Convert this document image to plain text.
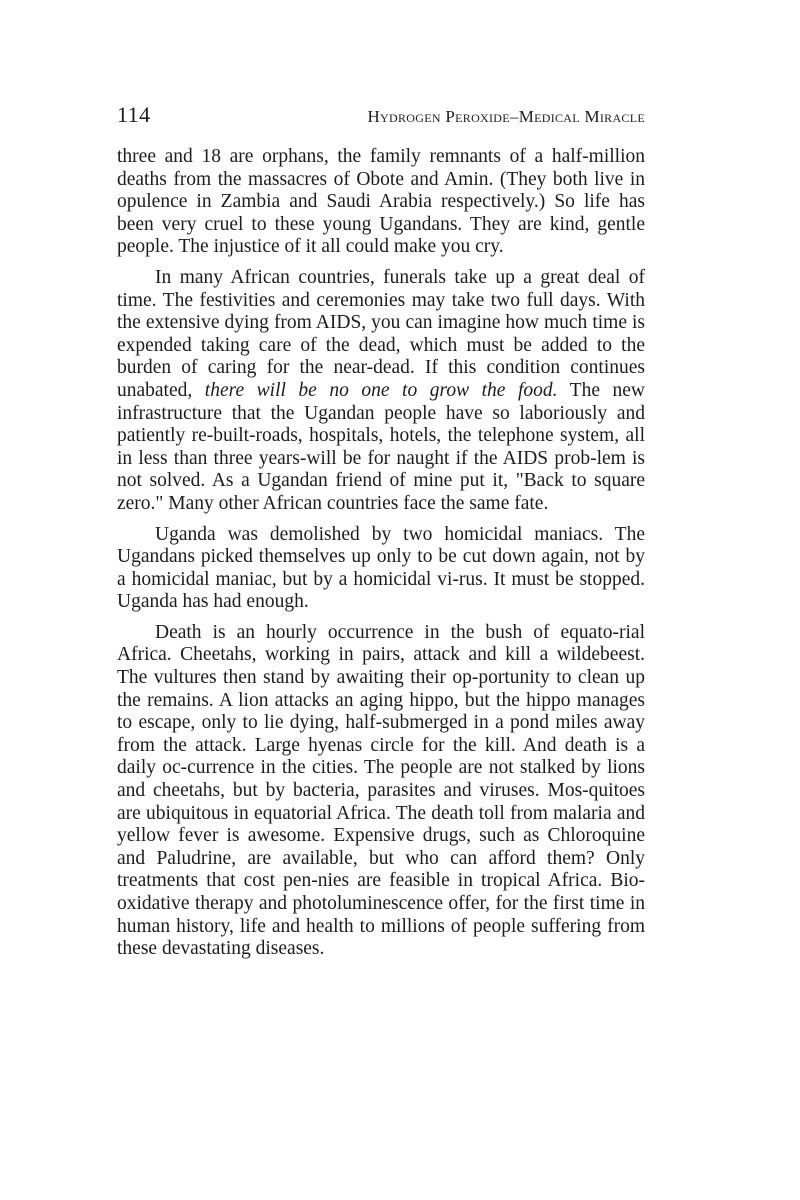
114	Hydrogen Peroxide–Medical Miracle

three and 18 are orphans, the family remnants of a half-million deaths from the massacres of Obote and Amin. (They both live in opulence in Zambia and Saudi Arabia respectively.) So life has been very cruel to these young Ugandans. They are kind, gentle people. The injustice of it all could make you cry.

In many African countries, funerals take up a great deal of time. The festivities and ceremonies may take two full days. With the extensive dying from AIDS, you can imagine how much time is expended taking care of the dead, which must be added to the burden of caring for the near-dead. If this condition continues unabated, there will be no one to grow the food. The new infrastructure that the Ugandan people have so laboriously and patiently re-built-roads, hospitals, hotels, the telephone system, all in less than three years-will be for naught if the AIDS prob-lem is not solved. As a Ugandan friend of mine put it, "Back to square zero." Many other African countries face the same fate.

Uganda was demolished by two homicidal maniacs. The Ugandans picked themselves up only to be cut down again, not by a homicidal maniac, but by a homicidal vi-rus. It must be stopped. Uganda has had enough.

Death is an hourly occurrence in the bush of equato-rial Africa. Cheetahs, working in pairs, attack and kill a wildebeest. The vultures then stand by awaiting their op-portunity to clean up the remains. A lion attacks an aging hippo, but the hippo manages to escape, only to lie dying, half-submerged in a pond miles away from the attack. Large hyenas circle for the kill. And death is a daily oc-currence in the cities. The people are not stalked by lions and cheetahs, but by bacteria, parasites and viruses. Mos-quitoes are ubiquitous in equatorial Africa. The death toll from malaria and yellow fever is awesome. Expensive drugs, such as Chloroquine and Paludrine, are available, but who can afford them? Only treatments that cost pen-nies are feasible in tropical Africa. Bio-oxidative therapy and photoluminescence offer, for the first time in human history, life and health to millions of people suffering from these devastating diseases.
